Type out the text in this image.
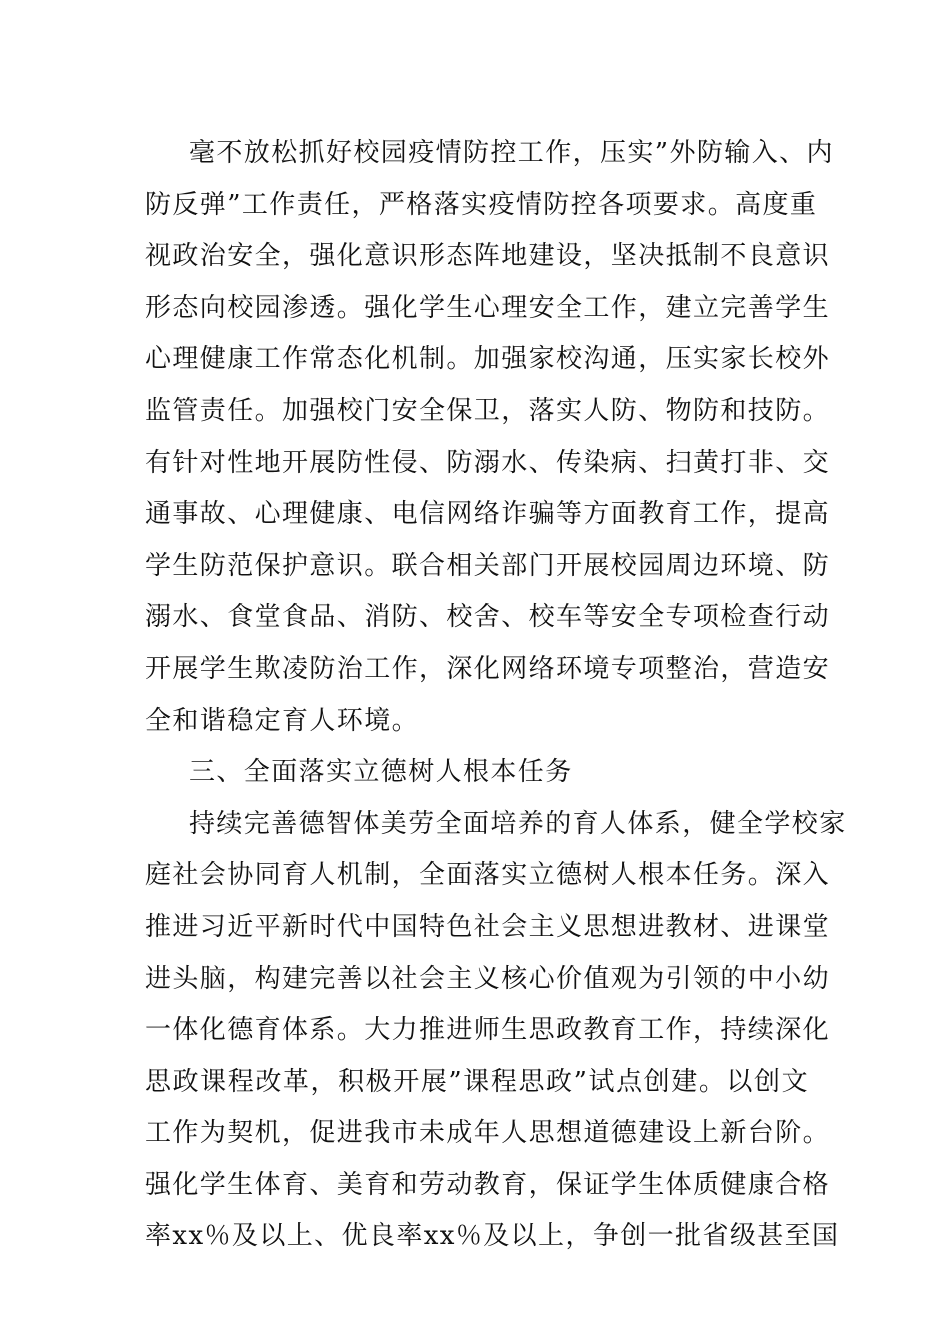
毫不放松抓好校园疫情防控工作，压实”外防输入、内
防反弹”工作责任，严格落实疫情防控各项要求。高度重
视政治安全，强化意识形态阵地建设，坚决抵制不良意识
形态向校园渗透。强化学生心理安全工作，建立完善学生
心理健康工作常态化机制。加强家校沟通，压实家长校外
监管责任。加强校门安全保卫，落实人防、物防和技防。
有针对性地开展防性侵、防溺水、传染病、扫黄打非、交
通事故、心理健康、电信网络诈骗等方面教育工作，提高
学生防范保护意识。联合相关部门开展校园周边环境、防
溺水、食堂食品、消防、校舍、校车等安全专项检查行动
开展学生欺凌防治工作，深化网络环境专项整治，营造安
全和谐稳定育人环境。
三、全面落实立德树人根本任务
持续完善德智体美劳全面培养的育人体系，健全学校家
庭社会协同育人机制，全面落实立德树人根本任务。深入
推进习近平新时代中国特色社会主义思想进教材、进课堂
进头脑，构建完善以社会主义核心价值观为引领的中小幼
一体化德育体系。大力推进师生思政教育工作，持续深化
思政课程改革，积极开展”课程思政”试点创建。以创文
工作为契机，促进我市未成年人思想道德建设上新台阶。
强化学生体育、美育和劳动教育，保证学生体质健康合格
率xx％及以上、优良率xx％及以上，争创一批省级甚至国
